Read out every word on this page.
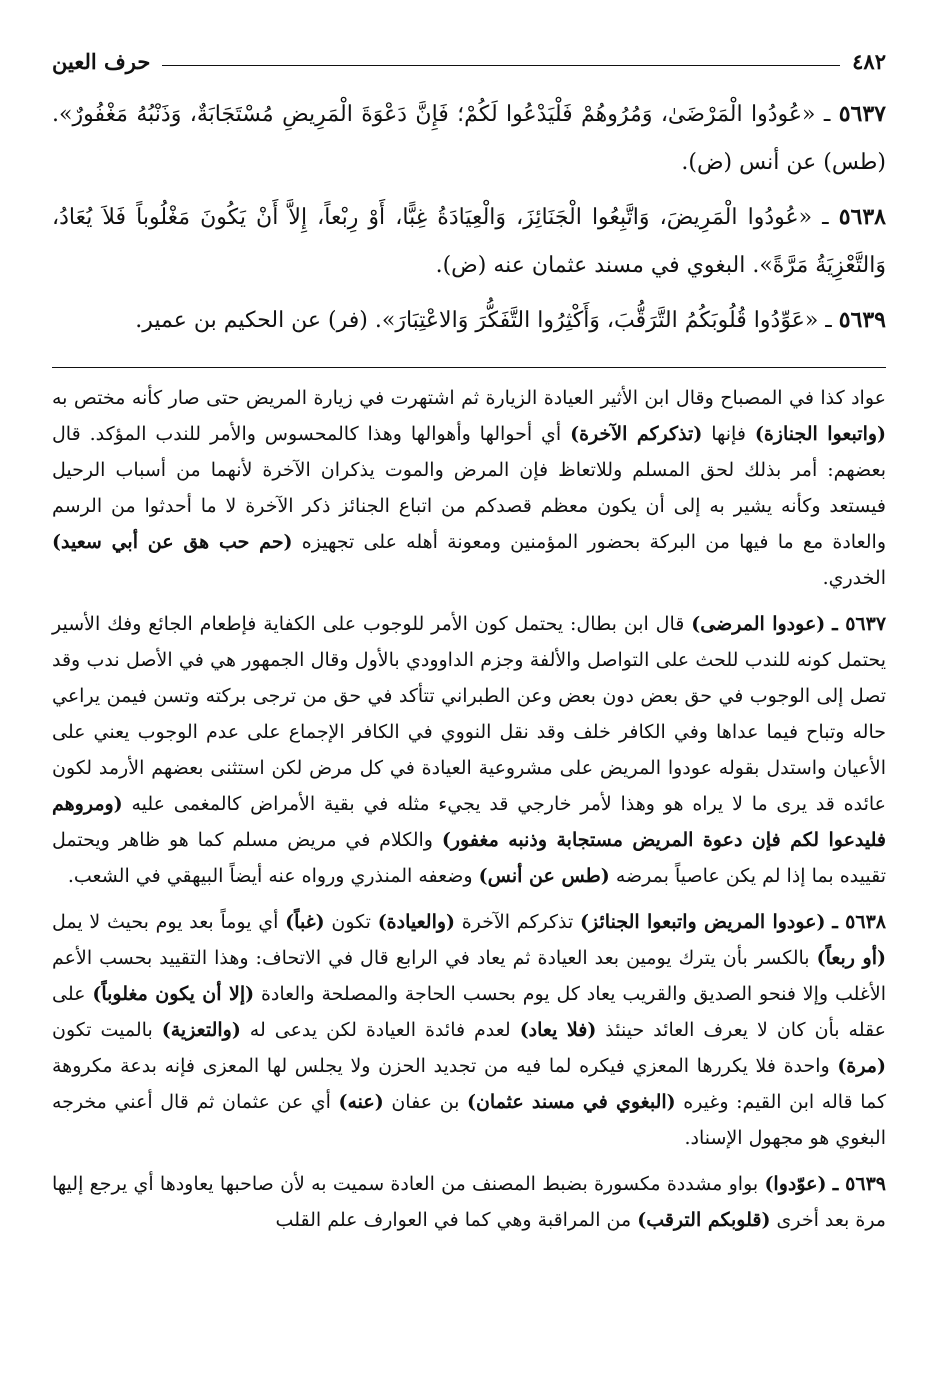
٤٨٢
حرف العين

٥٦٣٧ ـ «عُودُوا الْمَرْضَىٰ، وَمُرُوهُمْ فَلْيَدْعُوا لَكُمْ؛ فَإِنَّ دَعْوَةَ الْمَرِيضِ مُسْتَجَابَةٌ، وَذَنْبُهُ مَغْفُورٌ». (طس) عن أنس (ض).

٥٦٣٨ ـ «عُودُوا الْمَرِيضَ، وَاتَّبِعُوا الْجَنَائِزَ، وَالْعِيَادَةُ غِبًّا، أَوْ رِبْعاً، إِلاَّ أَنْ يَكُونَ مَغْلُوباً فَلاَ يُعَادُ، وَالتَّعْزِيَةُ مَرَّةً». البغوي في مسند عثمان عنه (ض).

٥٦٣٩ ـ «عَوِّدُوا قُلُوبَكُمُ التَّرَقُّبَ، وَأَكْثِرُوا التَّفَكُّرَ وَالاعْتِبَارَ». (فر) عن الحكيم بن عمير.

عواد كذا في المصباح وقال ابن الأثير العيادة الزيارة ثم اشتهرت في زيارة المريض حتى صار كأنه مختص به (واتبعوا الجنازة) فإنها (تذكركم الآخرة) أي أحوالها وأهوالها وهذا كالمحسوس والأمر للندب المؤكد. قال بعضهم: أمر بذلك لحق المسلم وللاتعاظ فإن المرض والموت يذكران الآخرة لأنهما من أسباب الرحيل فيستعد وكأنه يشير به إلى أن يكون معظم قصدكم من اتباع الجنائز ذكر الآخرة لا ما أحدثوا من الرسم والعادة مع ما فيها من البركة بحضور المؤمنين ومعونة أهله على تجهيزه (حم حب هق عن أبي سعيد) الخدري.

٥٦٣٧ ـ (عودوا المرضى) قال ابن بطال: يحتمل كون الأمر للوجوب على الكفاية فإطعام الجائع وفك الأسير يحتمل كونه للندب للحث على التواصل والألفة وجزم الداوودي بالأول وقال الجمهور هي في الأصل ندب وقد تصل إلى الوجوب في حق بعض دون بعض وعن الطبراني تتأكد في حق من ترجى بركته وتسن فيمن يراعي حاله وتباح فيما عداها وفي الكافر خلف وقد نقل النووي في الكافر الإجماع على عدم الوجوب يعني على الأعيان واستدل بقوله عودوا المريض على مشروعية العيادة في كل مرض لكن استثنى بعضهم الأرمد لكون عائده قد يرى ما لا يراه هو وهذا لأمر خارجي قد يجيء مثله في بقية الأمراض كالمغمى عليه (ومروهم فليدعوا لكم فإن دعوة المريض مستجابة وذنبه مغفور) والكلام في مريض مسلم كما هو ظاهر ويحتمل تقييده بما إذا لم يكن عاصياً بمرضه (طس عن أنس) وضعفه المنذري ورواه عنه أيضاً البيهقي في الشعب.

٥٦٣٨ ـ (عودوا المريض واتبعوا الجنائز) تذكركم الآخرة (والعيادة) تكون (غباً) أي يوماً بعد يوم بحيث لا يمل (أو ربعاً) بالكسر بأن يترك يومين بعد العيادة ثم يعاد في الرابع قال في الاتحاف: وهذا التقييد بحسب الأعم الأغلب وإلا فنحو الصديق والقريب يعاد كل يوم بحسب الحاجة والمصلحة والعادة (إلا أن يكون مغلوباً) على عقله بأن كان لا يعرف العائد حينئذ (فلا يعاد) لعدم فائدة العيادة لكن يدعى له (والتعزية) بالميت تكون (مرة) واحدة فلا يكررها المعزي فيكره لما فيه من تجديد الحزن ولا يجلس لها المعزى فإنه بدعة مكروهة كما قاله ابن القيم: وغيره (البغوي في مسند عثمان) بن عفان (عنه) أي عن عثمان ثم قال أعني مخرجه البغوي هو مجهول الإسناد.

٥٦٣٩ ـ (عوّدوا) بواو مشددة مكسورة بضبط المصنف من العادة سميت به لأن صاحبها يعاودها أي يرجع إليها مرة بعد أخرى (قلوبكم الترقب) من المراقبة وهي كما في العوارف علم القلب
